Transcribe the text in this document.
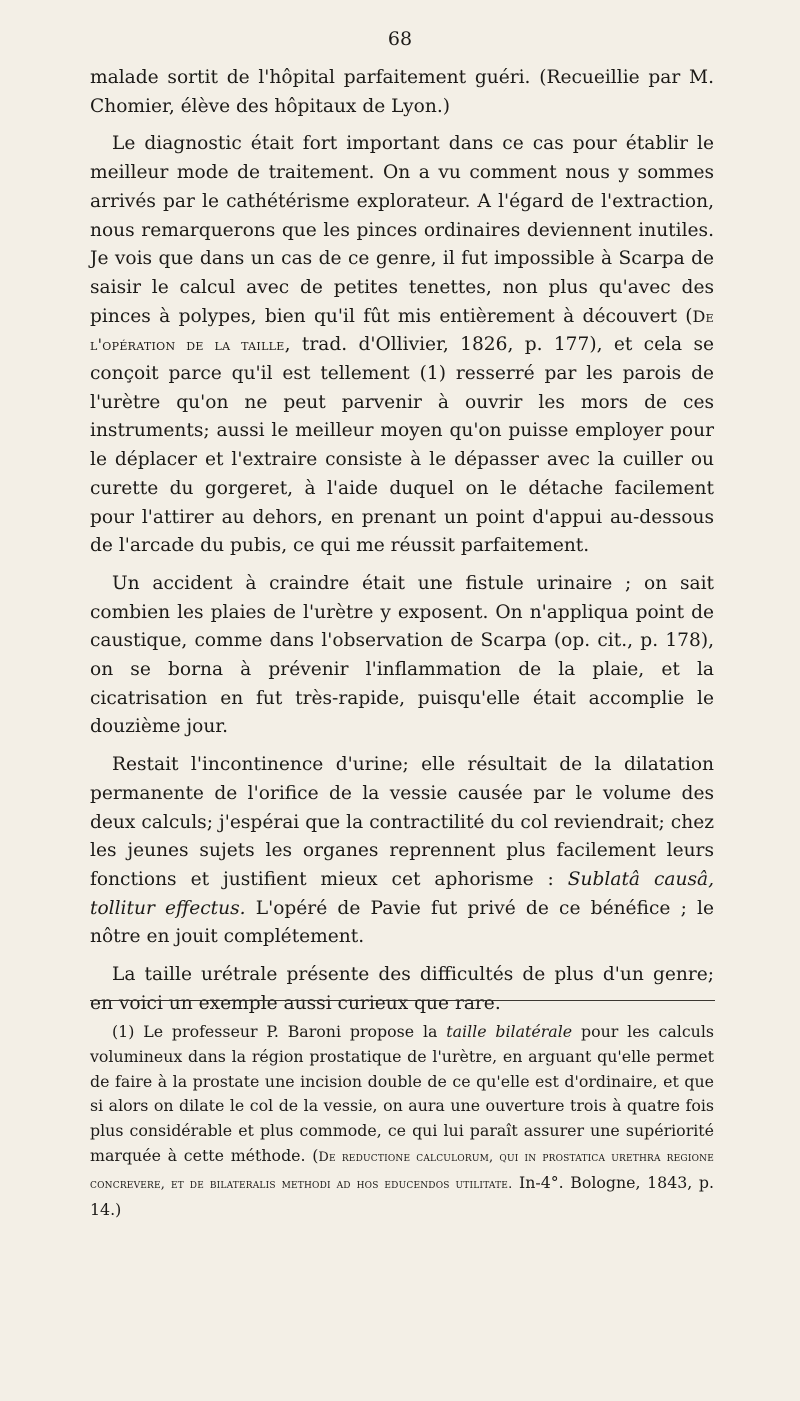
68

malade sortit de l'hôpital parfaitement guéri. (Recueillie par M. Chomier, élève des hôpitaux de Lyon.)

Le diagnostic était fort important dans ce cas pour établir le meilleur mode de traitement. On a vu comment nous y sommes arrivés par le cathétérisme explorateur. A l'égard de l'extraction, nous remarquerons que les pinces ordinaires deviennent inutiles. Je vois que dans un cas de ce genre, il fut impossible à Scarpa de saisir le calcul avec de petites tenettes, non plus qu'avec des pinces à polypes, bien qu'il fût mis entièrement à découvert (De l'opération de la taille, trad. d'Ollivier, 1826, p. 177), et cela se conçoit parce qu'il est tellement (1) resserré par les parois de l'urètre qu'on ne peut parvenir à ouvrir les mors de ces instruments; aussi le meilleur moyen qu'on puisse employer pour le déplacer et l'extraire consiste à le dépasser avec la cuiller ou curette du gorgeret, à l'aide duquel on le détache facilement pour l'attirer au dehors, en prenant un point d'appui au-dessous de l'arcade du pubis, ce qui me réussit parfaitement.

Un accident à craindre était une fistule urinaire ; on sait combien les plaies de l'urètre y exposent. On n'appliqua point de caustique, comme dans l'observation de Scarpa (op. cit., p. 178), on se borna à prévenir l'inflammation de la plaie, et la cicatrisation en fut très-rapide, puisqu'elle était accomplie le douzième jour.

Restait l'incontinence d'urine; elle résultait de la dilatation permanente de l'orifice de la vessie causée par le volume des deux calculs; j'espérai que la contractilité du col reviendrait; chez les jeunes sujets les organes reprennent plus facilement leurs fonctions et justifient mieux cet aphorisme : Sublatâ causâ, tollitur effectus. L'opéré de Pavie fut privé de ce bénéfice ; le nôtre en jouit complétement.

La taille urétrale présente des difficultés de plus d'un genre; en voici un exemple aussi curieux que rare.

(1) Le professeur P. Baroni propose la taille bilatérale pour les calculs volumineux dans la région prostatique de l'urètre, en arguant qu'elle permet de faire à la prostate une incision double de ce qu'elle est d'ordinaire, et que si alors on dilate le col de la vessie, on aura une ouverture trois à quatre fois plus considérable et plus commode, ce qui lui paraît assurer une supériorité marquée à cette méthode. (De reductione calculorum, qui in prostatica urethra regione concrevere, et de bilateralis methodi ad hos educendos utilitate. In-4°. Bologne, 1843, p. 14.)
